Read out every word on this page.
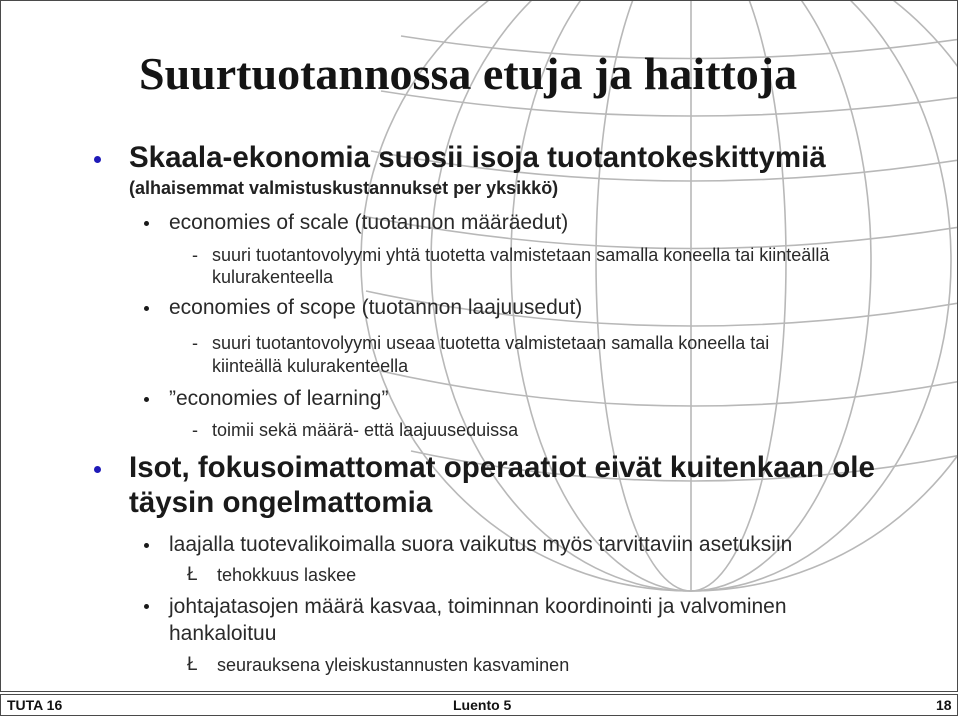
Suurtuotannossa etuja ja haittoja
Skaala-ekonomia suosii isoja tuotantokeskittymiä
(alhaisemmat valmistuskustannukset per yksikkö)
economies of scale (tuotannon määräedut)
- suuri tuotantovolyymi yhtä tuotetta valmistetaan samalla koneella tai kiinteällä
kulurakenteella
economies of scope (tuotannon laajuusedut)
- suuri tuotantovolyymi useaa tuotetta valmistetaan samalla koneella tai
kiinteällä kulurakenteella
”economies of learning”
- toimii sekä määrä- että laajuuseduissa
Isot, fokusoimattomat operaatiot eivät kuitenkaan ole
täysin ongelmattomia
laajalla tuotevalikoimalla suora vaikutus myös tarvittaviin asetuksiin
Ł tehokkuus laskee
johtajatasojen määrä kasvaa, toiminnan koordinointi ja valvominen
hankaloituu
Ł seurauksena yleiskustannusten kasvaminen
TUTA 16	Luento 5	18
